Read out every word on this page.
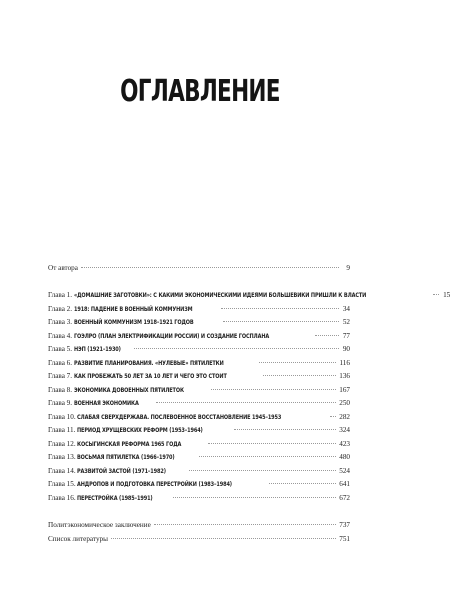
ОГЛАВЛЕНИЕ
От автора	9
Глава 1. «ДОМАШНИЕ ЗАГОТОВКИ»: С КАКИМИ ЭКОНОМИЧЕСКИМИ ИДЕЯМИ БОЛЬШЕВИКИ ПРИШЛИ К ВЛАСТИ	15
Глава 2. 1918: ПАДЕНИЕ В ВОЕННЫЙ КОММУНИЗМ	34
Глава 3. ВОЕННЫЙ КОММУНИЗМ 1918–1921 ГОДОВ	52
Глава 4. ГОЭЛРО (ПЛАН ЭЛЕКТРИФИКАЦИИ РОССИИ) И СОЗДАНИЕ ГОСПЛАНА	77
Глава 5. НЭП (1921–1930)	90
Глава 6. РАЗВИТИЕ ПЛАНИРОВАНИЯ. «НУЛЕВЫЕ» ПЯТИЛЕТКИ	116
Глава 7. КАК ПРОБЕЖАТЬ 50 ЛЕТ ЗА 10 ЛЕТ И ЧЕГО ЭТО СТОИТ	136
Глава 8. ЭКОНОМИКА ДОВОЕННЫХ ПЯТИЛЕТОК	167
Глава 9. ВОЕННАЯ ЭКОНОМИКА	250
Глава 10. СЛАБАЯ СВЕРХДЕРЖАВА. ПОСЛЕВОЕННОЕ ВОССТАНОВЛЕНИЕ 1945–1953	282
Глава 11. ПЕРИОД ХРУЩЕВСКИХ РЕФОРМ (1953–1964)	324
Глава 12. КОСЫГИНСКАЯ РЕФОРМА 1965 ГОДА	423
Глава 13. ВОСЬМАЯ ПЯТИЛЕТКА (1966–1970)	480
Глава 14. РАЗВИТОЙ ЗАСТОЙ (1971–1982)	524
Глава 15. АНДРОПОВ И ПОДГОТОВКА ПЕРЕСТРОЙКИ (1983–1984)	641
Глава 16. ПЕРЕСТРОЙКА (1985–1991)	672
Политэкономическое заключение	737
Список литературы	751
